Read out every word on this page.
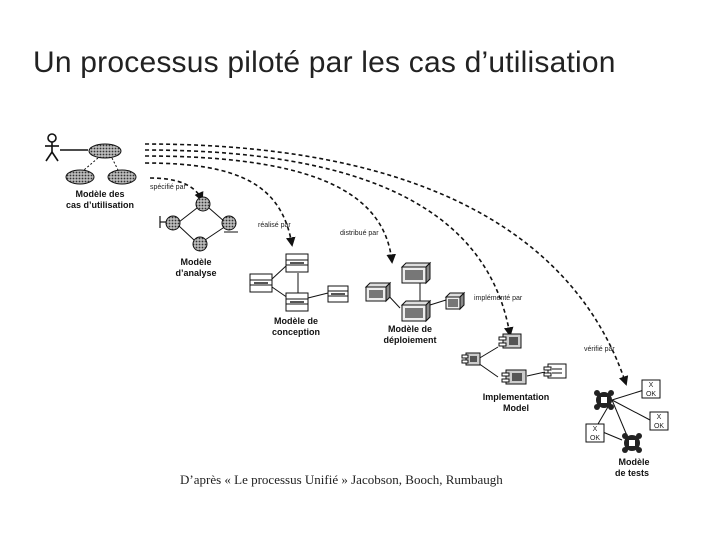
Un processus piloté par les cas d’utilisation
Modèle des
cas d’utilisation
Modèle
d’analyse
Modèle de
conception	Modèle de
déploiement
Implementation
Model
X
OK
X
OK
X
OK
Modèle
de tests
spécifié par
réalisé par
distribué par
implémenté par
vérifié par
D’après « Le processus Unifié » Jacobson, Booch, Rumbaugh
